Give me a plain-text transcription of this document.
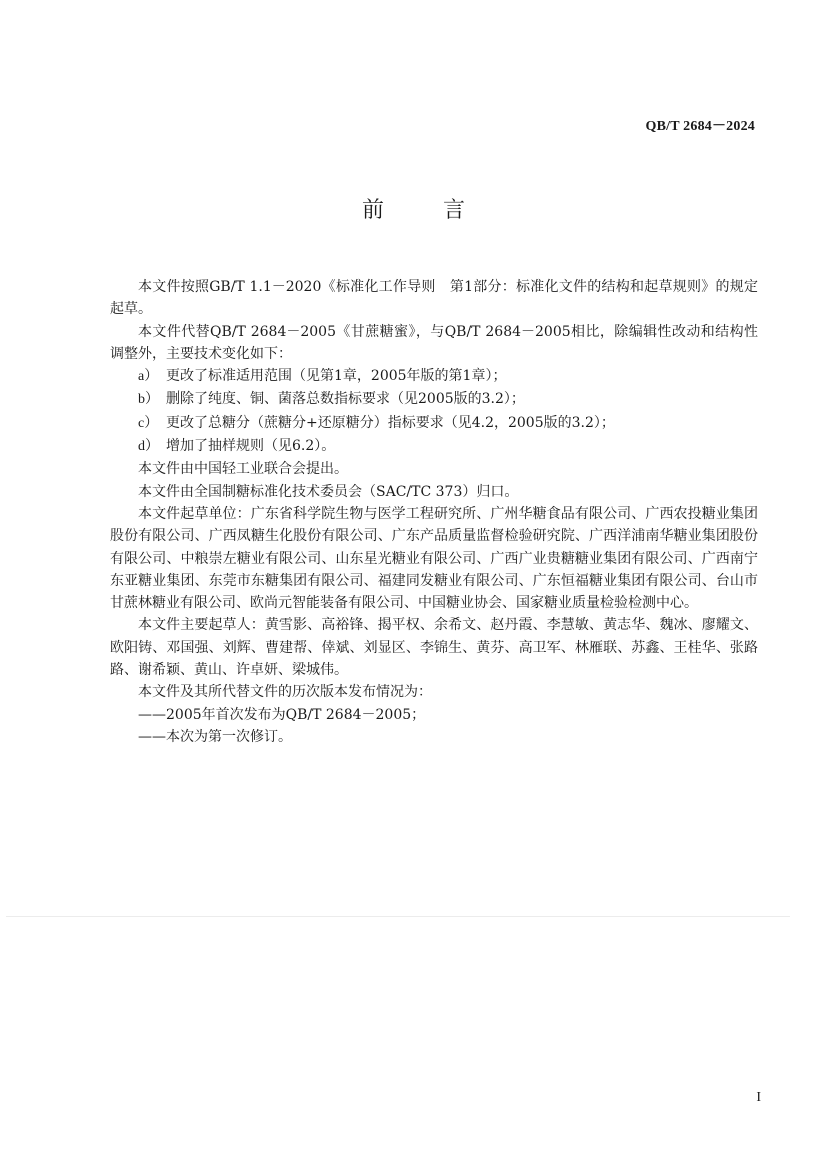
QB/T 2684－2024
前 言

本文件按照GB/T 1.1－2020《标准化工作导则　第1部分：标准化文件的结构和起草规则》的规定起草。

本文件代替QB/T 2684－2005《甘蔗糖蜜》，与QB/T 2684－2005相比，除编辑性改动和结构性调整外，主要技术变化如下：

a） 更改了标准适用范围（见第1章，2005年版的第1章）；

b） 删除了纯度、铜、菌落总数指标要求（见2005版的3.2）；

c） 更改了总糖分（蔗糖分+还原糖分）指标要求（见4.2，2005版的3.2）；

d） 增加了抽样规则（见6.2）。

本文件由中国轻工业联合会提出。

本文件由全国制糖标准化技术委员会（SAC/TC 373）归口。

本文件起草单位：广东省科学院生物与医学工程研究所、广州华糖食品有限公司、广西农投糖业集团股份有限公司、广西凤糖生化股份有限公司、广东产品质量监督检验研究院、广西洋浦南华糖业集团股份有限公司、中粮崇左糖业有限公司、山东星光糖业有限公司、广西广业贵糖糖业集团有限公司、广西南宁东亚糖业集团、东莞市东糖集团有限公司、福建同发糖业有限公司、广东恒福糖业集团有限公司、台山市甘蔗林糖业有限公司、欧尚元智能装备有限公司、中国糖业协会、国家糖业质量检验检测中心。

本文件主要起草人：黄雪影、高裕锋、揭平权、余希文、赵丹霞、李慧敏、黄志华、魏冰、廖耀文、欧阳铸、邓国强、刘辉、曹建帮、倖斌、刘显区、李锦生、黄芬、高卫军、林雁联、苏鑫、王桂华、张路路、谢希颖、黄山、许卓妍、梁城伟。

本文件及其所代替文件的历次版本发布情况为：

——2005年首次发布为QB/T 2684－2005；

——本次为第一次修订。

I
